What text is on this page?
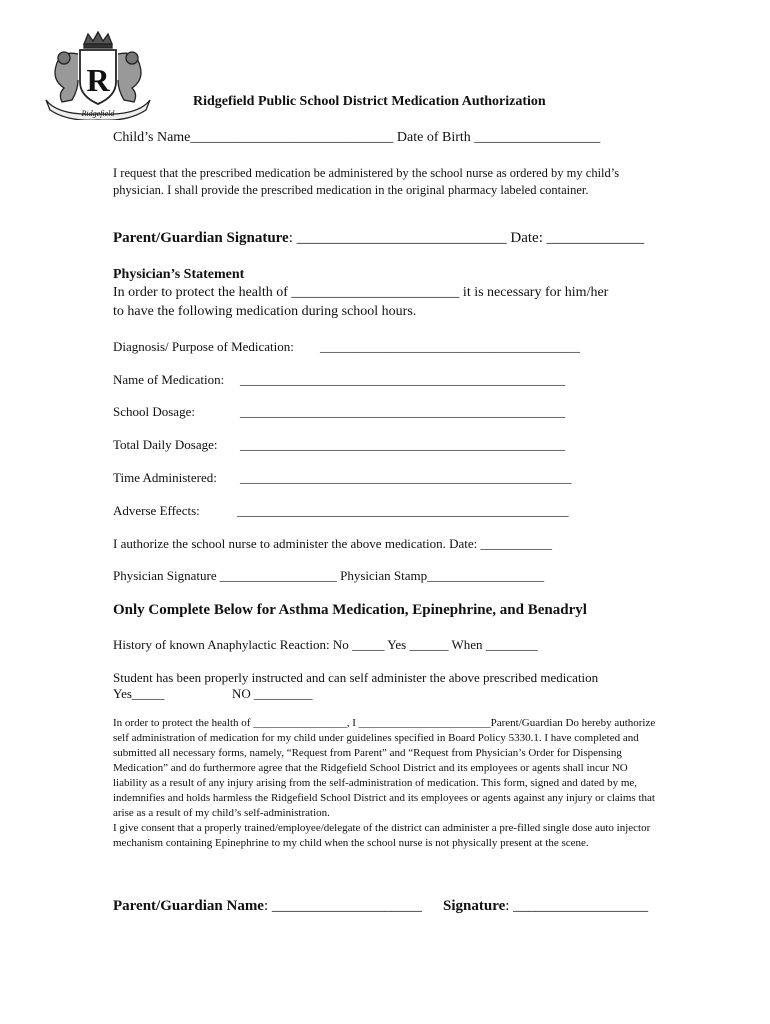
R
Ridgefield
Ridgefield Public School District Medication Authorization
Child’s Name_____________________________ Date of Birth __________________
I request that the prescribed medication be administered by the school nurse as ordered by my child’s physician. I shall provide the prescribed medication in the original pharmacy labeled container.
Parent/Guardian Signature: ____________________________ Date: _____________
Physician’s Statement
In order to protect the health of ________________________ it is necessary for him/her
to have the following medication during school hours.
Diagnosis/ Purpose of Medication: ________________________________________
Name of Medication: __________________________________________________
School Dosage:	__________________________________________________
Total Daily Dosage: __________________________________________________
Time Administered: ___________________________________________________
Adverse Effects:	___________________________________________________
I authorize the school nurse to administer the above medication. Date: ___________
Physician Signature __________________ Physician Stamp__________________
Only Complete Below for Asthma Medication, Epinephrine, and Benadryl
History of known Anaphylactic Reaction: No _____ Yes ______ When ________
Student has been properly instructed and can self administer the above prescribed medication
Yes_____	NO _________

In order to protect the health of _________________, I ________________________Parent/Guardian Do hereby authorize self administration of medication for my child under guidelines specified in Board Policy 5330.1. I have completed and submitted all necessary forms, namely, “Request from Parent” and “Request from Physician’s Order for Dispensing Medication” and do furthermore agree that the Ridgefield School District and its employees or agents shall incur NO liability as a result of any injury arising from the self-administration of medication. This form, signed and dated by me, indemnifies and holds harmless the Ridgefield School District and its employees or agents against any injury or claims that arise as a result of my child’s self-administration.

I give consent that a properly trained/employee/delegate of the district can administer a pre-filled single dose auto injector mechanism containing Epinephrine to my child when the school nurse is not physically present at the scene.

Parent/Guardian Name: ____________________ Signature: __________________
